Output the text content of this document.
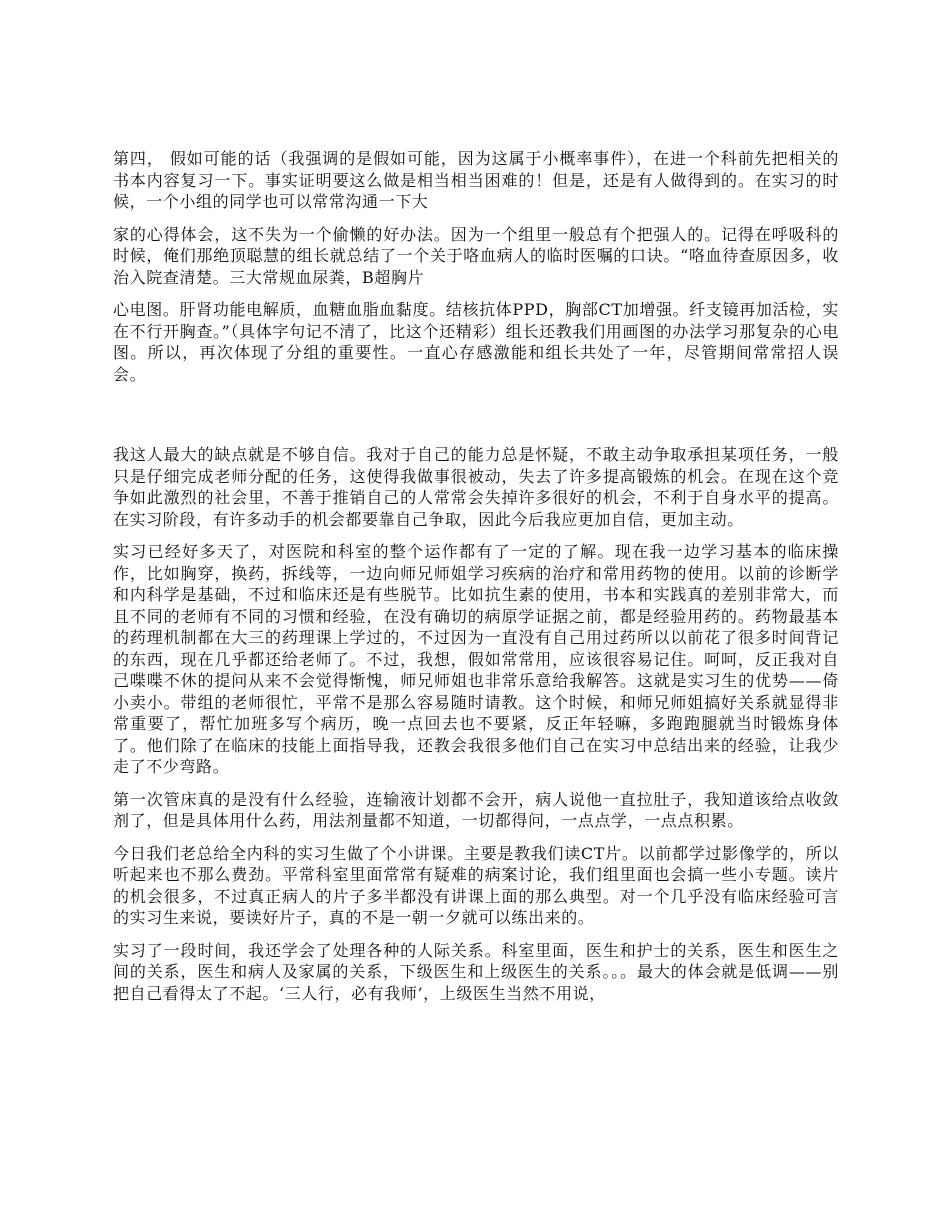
第四， 假如可能的话（我强调的是假如可能，因为这属于小概率事件），在进一个科前先把相关的书本内容复习一下。事实证明要这么做是相当相当困难的！但是，还是有人做得到的。在实习的时候，一个小组的同学也可以常常沟通一下大

家的心得体会，这不失为一个偷懒的好办法。因为一个组里一般总有个把强人的。记得在呼吸科的时候，俺们那绝顶聪慧的组长就总结了一个关于咯血病人的临时医嘱的口诀。“咯血待查原因多，收治入院查清楚。三大常规血尿粪，B超胸片

心电图。肝肾功能电解质，血糖血脂血黏度。结核抗体PPD，胸部CT加增强。纤支镜再加活检，实在不行开胸查。”（具体字句记不清了，比这个还精彩）组长还教我们用画图的办法学习那复杂的心电图。所以，再次体现了分组的重要性。一直心存感激能和组长共处了一年，尽管期间常常招人误会。

我这人最大的缺点就是不够自信。我对于自己的能力总是怀疑，不敢主动争取承担某项任务，一般只是仔细完成老师分配的任务，这使得我做事很被动，失去了许多提高锻炼的机会。在现在这个竞争如此激烈的社会里，不善于推销自己的人常常会失掉许多很好的机会，不利于自身水平的提高。在实习阶段，有许多动手的机会都要靠自己争取，因此今后我应更加自信，更加主动。

实习已经好多天了，对医院和科室的整个运作都有了一定的了解。现在我一边学习基本的临床操作，比如胸穿，换药，拆线等，一边向师兄师姐学习疾病的治疗和常用药物的使用。以前的诊断学和内科学是基础，不过和临床还是有些脱节。比如抗生素的使用，书本和实践真的差别非常大，而且不同的老师有不同的习惯和经验，在没有确切的病原学证据之前，都是经验用药的。药物最基本的药理机制都在大三的药理课上学过的，不过因为一直没有自己用过药所以以前花了很多时间背记的东西，现在几乎都还给老师了。不过，我想，假如常常用，应该很容易记住。呵呵，反正我对自己喋喋不休的提问从来不会觉得惭愧，师兄师姐也非常乐意给我解答。这就是实习生的优势——倚小卖小。带组的老师很忙，平常不是那么容易随时请教。这个时候，和师兄师姐搞好关系就显得非常重要了，帮忙加班多写个病历，晚一点回去也不要紧，反正年轻嘛，多跑跑腿就当时锻炼身体了。他们除了在临床的技能上面指导我，还教会我很多他们自己在实习中总结出来的经验，让我少走了不少弯路。

第一次管床真的是没有什么经验，连输液计划都不会开，病人说他一直拉肚子，我知道该给点收敛剂了，但是具体用什么药，用法剂量都不知道，一切都得问，一点点学，一点点积累。

今日我们老总给全内科的实习生做了个小讲课。主要是教我们读CT片。以前都学过影像学的，所以听起来也不那么费劲。平常科室里面常常有疑难的病案讨论，我们组里面也会搞一些小专题。读片的机会很多，不过真正病人的片子多半都没有讲课上面的那么典型。对一个几乎没有临床经验可言的实习生来说，要读好片子，真的不是一朝一夕就可以练出来的。

实习了一段时间，我还学会了处理各种的人际关系。科室里面，医生和护士的关系，医生和医生之间的关系，医生和病人及家属的关系，下级医生和上级医生的关系。。。最大的体会就是低调——别把自己看得太了不起。‘三人行，必有我师’，上级医生当然不用说，
